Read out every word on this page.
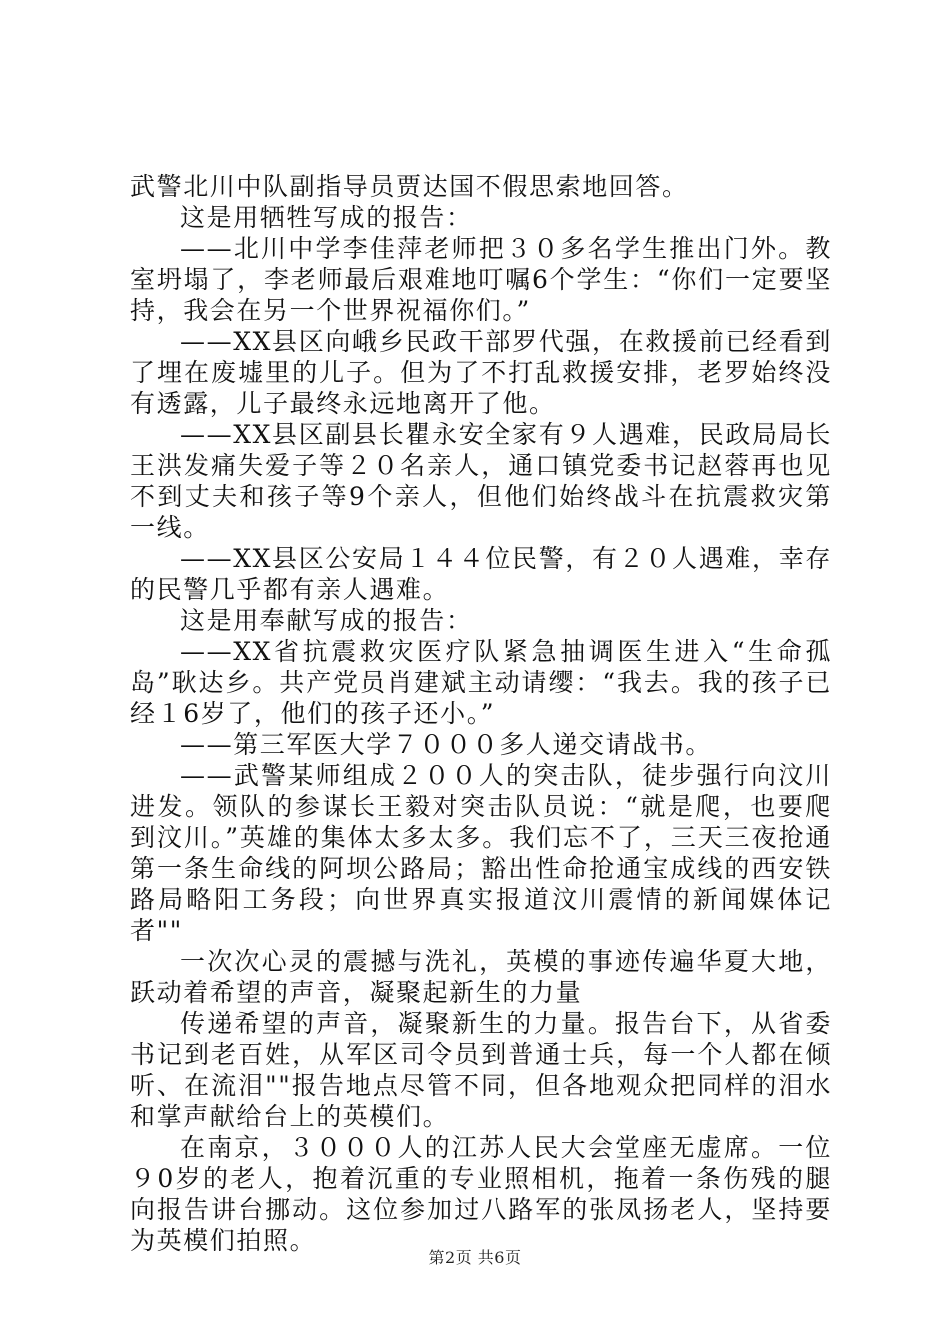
武警北川中队副指导员贾达国不假思索地回答。

这是用牺牲写成的报告：

——北川中学李佳萍老师把３０多名学生推出门外。教室坍塌了，李老师最后艰难地叮嘱6个学生：“你们一定要坚持，我会在另一个世界祝福你们。”

——XX县区向峨乡民政干部罗代强，在救援前已经看到了埋在废墟里的儿子。但为了不打乱救援安排，老罗始终没有透露，儿子最终永远地离开了他。

——XX县区副县长瞿永安全家有９人遇难，民政局局长王洪发痛失爱子等２０名亲人，通口镇党委书记赵蓉再也见不到丈夫和孩子等9个亲人，但他们始终战斗在抗震救灾第一线。

——XX县区公安局１４４位民警，有２０人遇难，幸存的民警几乎都有亲人遇难。

这是用奉献写成的报告：

——XX省抗震救灾医疗队紧急抽调医生进入“生命孤岛”耿达乡。共产党员肖建斌主动请缨：“我去。我的孩子已经１6岁了，他们的孩子还小。”

——第三军医大学７０００多人递交请战书。

——武警某师组成２００人的突击队，徒步强行向汶川进发。领队的参谋长王毅对突击队员说：“就是爬，也要爬到汶川。”英雄的集体太多太多。我们忘不了，三天三夜抢通第一条生命线的阿坝公路局；豁出性命抢通宝成线的西安铁路局略阳工务段；向世界真实报道汶川震情的新闻媒体记者""

一次次心灵的震撼与洗礼，英模的事迹传遍华夏大地，跃动着希望的声音，凝聚起新生的力量

传递希望的声音，凝聚新生的力量。报告台下，从省委书记到老百姓，从军区司令员到普通士兵，每一个人都在倾听、在流泪""报告地点尽管不同，但各地观众把同样的泪水和掌声献给台上的英模们。

在南京，３０００人的江苏人民大会堂座无虚席。一位９0岁的老人，抱着沉重的专业照相机，拖着一条伤残的腿向报告讲台挪动。这位参加过八路军的张凤扬老人，坚持要为英模们拍照。

第2页 共6页
